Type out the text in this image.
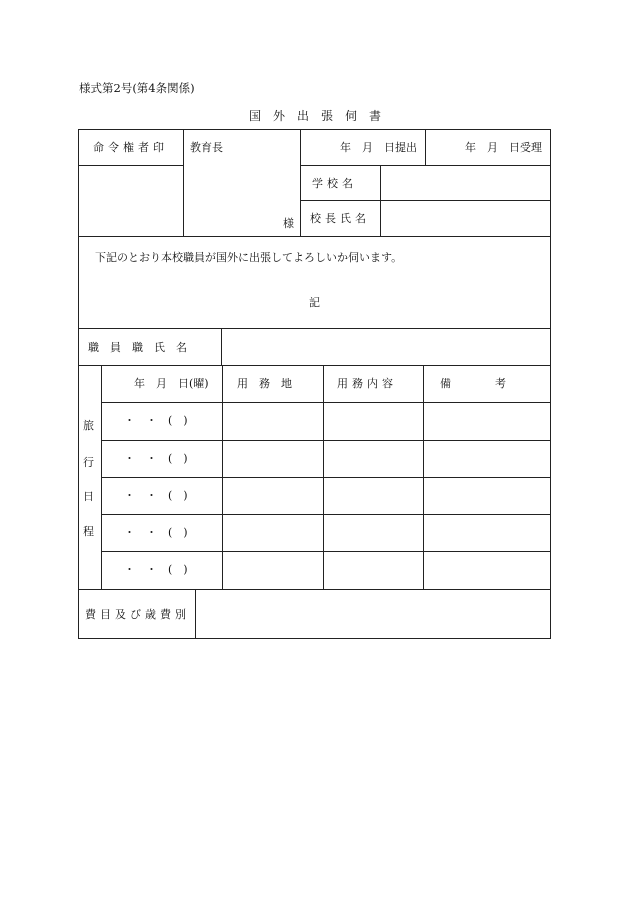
様式第2号(第4条関係)
国　外　出　張　伺　書
命令権者印 教育長
様
年　月　日提出	年　月　日受理
学校名
校長氏名
下記のとおり本校職員が国外に出張してよろしいか伺います。
記
職　員　職　氏　名
旅
行
日
程
年　月　日(曜)	用　務　地	用務内容	備　　　　考
・　・　(　)
・　・　(　)
・　・　(　)
・　・　(　)
・　・　(　)
費目及び歳費別
